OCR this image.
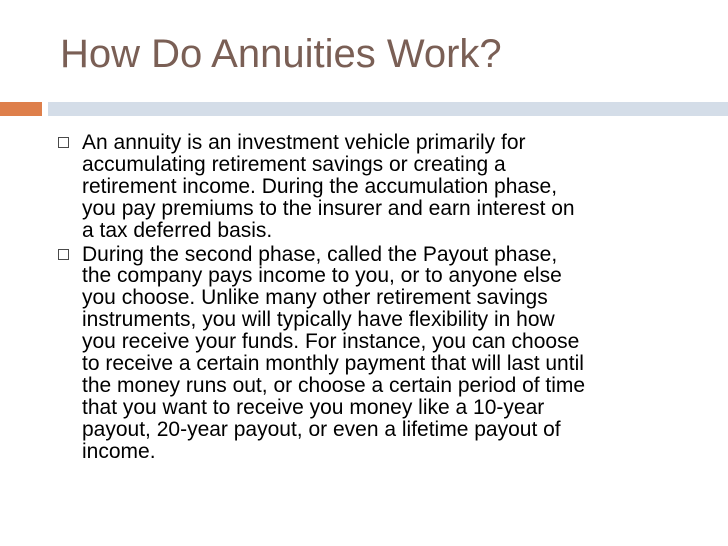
How Do Annuities Work?
An annuity is an investment vehicle primarily for
accumulating retirement savings or creating a
retirement income. During the accumulation phase,
you pay premiums to the insurer and earn interest on
a tax deferred basis.
During the second phase, called the Payout phase,
the company pays income to you, or to anyone else
you choose. Unlike many other retirement savings
instruments, you will typically have flexibility in how
you receive your funds. For instance, you can choose
to receive a certain monthly payment that will last until
the money runs out, or choose a certain period of time
that you want to receive you money like a 10-year
payout, 20-year payout, or even a lifetime payout of
income.
